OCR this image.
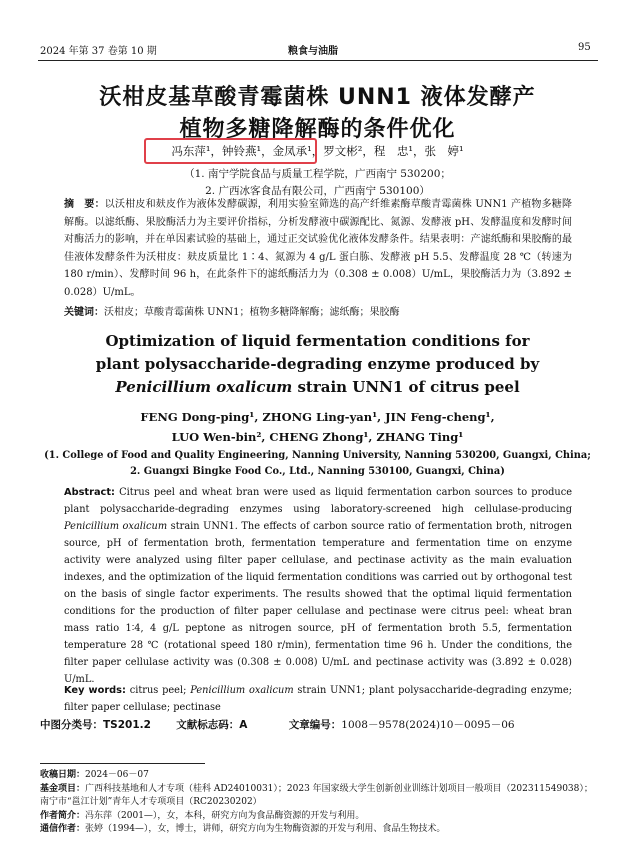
2024 年第 37 卷第 10 期	粮食与油脂	95
沃柑皮基草酸青霉菌株 UNN1 液体发酵产
植物多糖降解酶的条件优化
冯东萍¹，钟铃燕¹，金凤承¹，罗文彬²，程　忠¹，张　婷¹
（1. 南宁学院食品与质量工程学院，广西南宁 530200；
2. 广西冰客食品有限公司，广西南宁 530100）
摘　要：以沃柑皮和麸皮作为液体发酵碳源，利用实验室筛选的高产纤维素酶草酸青霉菌株 UNN1 产植物多糖降解酶。以滤纸酶、果胶酶活力为主要评价指标，分析发酵液中碳源配比、氮源、发酵液 pH、发酵温度和发酵时间对酶活力的影响，并在单因素试验的基础上，通过正交试验优化液体发酵条件。结果表明：产滤纸酶和果胶酶的最佳液体发酵条件为沃柑皮：麸皮质量比 1∶4、氮源为 4 g/L 蛋白胨、发酵液 pH 5.5、发酵温度 28 ℃（转速为 180 r/min）、发酵时间 96 h，在此条件下的滤纸酶活力为（0.308 ± 0.008）U/mL，果胶酶活力为（3.892 ± 0.028）U/mL。
关键词：沃柑皮；草酸青霉菌株 UNN1；植物多糖降解酶；滤纸酶；果胶酶
Optimization of liquid fermentation conditions for
plant polysaccharide-degrading enzyme produced by
Penicillium oxalicum strain UNN1 of citrus peel
FENG Dong-ping¹, ZHONG Ling-yan¹, JIN Feng-cheng¹,
LUO Wen-bin², CHENG Zhong¹, ZHANG Ting¹
(1. College of Food and Quality Engineering, Nanning University, Nanning 530200, Guangxi, China;
2. Guangxi Bingke Food Co., Ltd., Nanning 530100, Guangxi, China)
Abstract: Citrus peel and wheat bran were used as liquid fermentation carbon sources to produce plant polysaccharide-degrading enzymes using laboratory-screened high cellulase-producing Penicillium oxalicum strain UNN1. The effects of carbon source ratio of fermentation broth, nitrogen source, pH of fermentation broth, fermentation temperature and fermentation time on enzyme activity were analyzed using filter paper cellulase, and pectinase activity as the main evaluation indexes, and the optimization of the liquid fermentation conditions was carried out by orthogonal test on the basis of single factor experiments. The results showed that the optimal liquid fermentation conditions for the production of filter paper cellulase and pectinase were citrus peel: wheat bran mass ratio 1∶4, 4 g/L peptone as nitrogen source, pH of fermentation broth 5.5, fermentation temperature 28 ℃ (rotational speed 180 r/min), fermentation time 96 h. Under the conditions, the filter paper cellulase activity was (0.308 ± 0.008) U/mL and pectinase activity was (3.892 ± 0.028) U/mL.
Key words: citrus peel; Penicillium oxalicum strain UNN1; plant polysaccharide-degrading enzyme; filter paper cellulase; pectinase
中图分类号：TS201.2 文献标志码：A	文章编号：1008－9578(2024)10－0095－06
收稿日期：2024－06－07
基金项目：广西科技基地和人才专项（桂科 AD24010031）；2023 年国家级大学生创新创业训练计划项目一般项目（202311549038）；南宁市“邕江计划”青年人才专项项目（RC20230202）
作者简介：冯东萍（2001—），女，本科，研究方向为食品酶资源的开发与利用。
通信作者：张婷（1994—），女，博士，讲师，研究方向为生物酶资源的开发与利用、食品生物技术。
